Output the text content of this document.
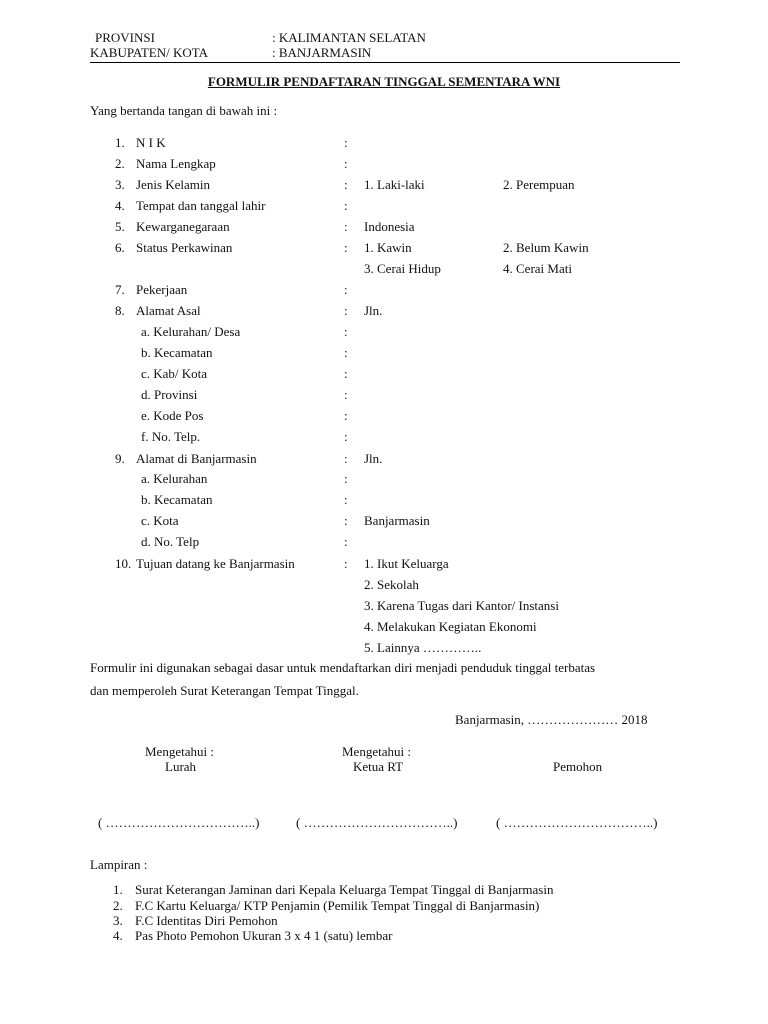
PROVINSI	: KALIMANTAN SELATAN
KABUPATEN/ KOTA	: BANJARMASIN
FORMULIR PENDAFTARAN TINGGAL SEMENTARA WNI
Yang bertanda tangan di bawah ini :
1. N I K	:
2. Nama Lengkap	:
3. Jenis Kelamin	: 1. Laki-laki	2. Perempuan
4. Tempat dan tanggal lahir	:
5. Kewarganegaraan	: Indonesia
6. Status Perkawinan	: 1. Kawin	2. Belum Kawin
3. Cerai Hidup	4. Cerai Mati
7. Pekerjaan	:
8. Alamat Asal	: Jln.
a. Kelurahan/ Desa	:
b. Kecamatan	:
c. Kab/ Kota	:
d. Provinsi	:
e. Kode Pos	:
f. No. Telp.	:
9. Alamat di Banjarmasin	: Jln.
a. Kelurahan	:
b. Kecamatan	:
c. Kota	: Banjarmasin
d. No. Telp	:
10. Tujuan datang ke Banjarmasin	: 1. Ikut Keluarga
2. Sekolah
3. Karena Tugas dari Kantor/ Instansi
4. Melakukan Kegiatan Ekonomi
5. Lainnya …………..
Formulir ini digunakan sebagai dasar untuk mendaftarkan diri menjadi penduduk tinggal terbatas
dan memperoleh Surat Keterangan Tempat Tinggal.
Banjarmasin, ………………… 2018
Mengetahui :
Lurah
( ……………………………..)
Mengetahui :
Ketua RT
( ……………………………..)
Pemohon
( ……………………………..)
Lampiran :
1. Surat Keterangan Jaminan dari Kepala Keluarga Tempat Tinggal di Banjarmasin
2. F.C Kartu Keluarga/ KTP Penjamin (Pemilik Tempat Tinggal di Banjarmasin)
3. F.C Identitas Diri Pemohon
4. Pas Photo Pemohon Ukuran 3 x 4 1 (satu) lembar
